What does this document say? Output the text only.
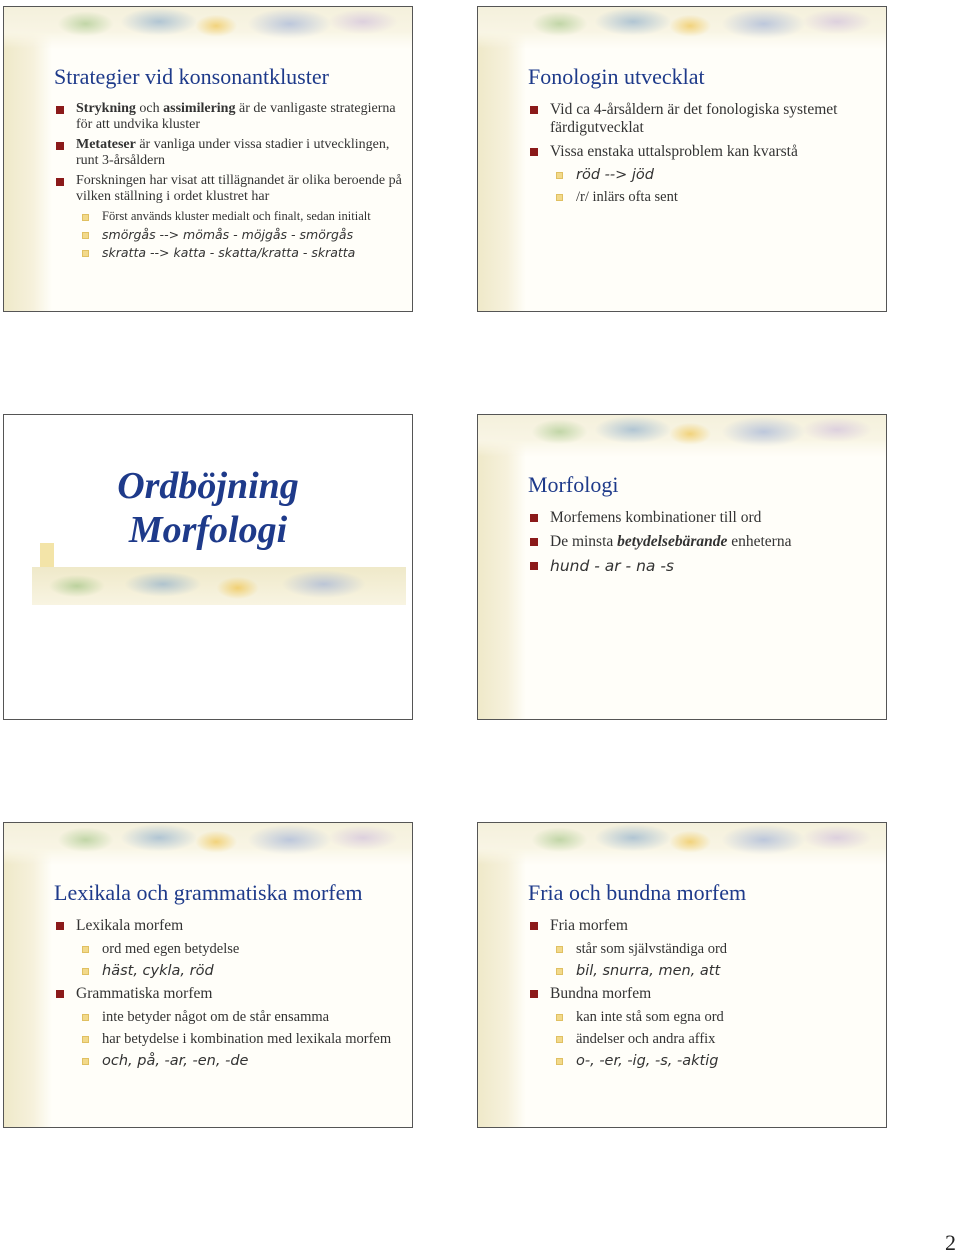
Strategier vid konsonantkluster
Strykning och assimilering är de vanligaste strategierna för att undvika kluster
Metateser är vanliga under vissa stadier i utvecklingen, runt 3-årsåldern
Forskningen har visat att tillägnandet är olika beroende på vilken ställning i ordet klustret har
Först används kluster medialt och finalt, sedan initialt
smörgås --> mömås - möjgås - smörgås
skratta --> katta - skatta/kratta - skratta
Fonologin utvecklat
Vid ca 4-årsåldern är det fonologiska systemet färdigutvecklat
Vissa enstaka uttalsproblem kan kvarstå
röd --> jöd
/r/ inlärs ofta sent
Ordböjning
Morfologi
Morfologi
Morfemens kombinationer till ord
De minsta betydelsebärande enheterna
hund - ar - na -s
Lexikala och grammatiska morfem
Lexikala morfem
ord med egen betydelse
häst, cykla, röd
Grammatiska morfem
inte betyder något om de står ensamma
har betydelse i kombination med lexikala morfem
och, på, -ar, -en, -de
Fria och bundna morfem
Fria morfem
står som självständiga ord
bil, snurra, men, att
Bundna morfem
kan inte stå som egna ord
ändelser och andra affix
o-, -er, -ig, -s, -aktig
2
